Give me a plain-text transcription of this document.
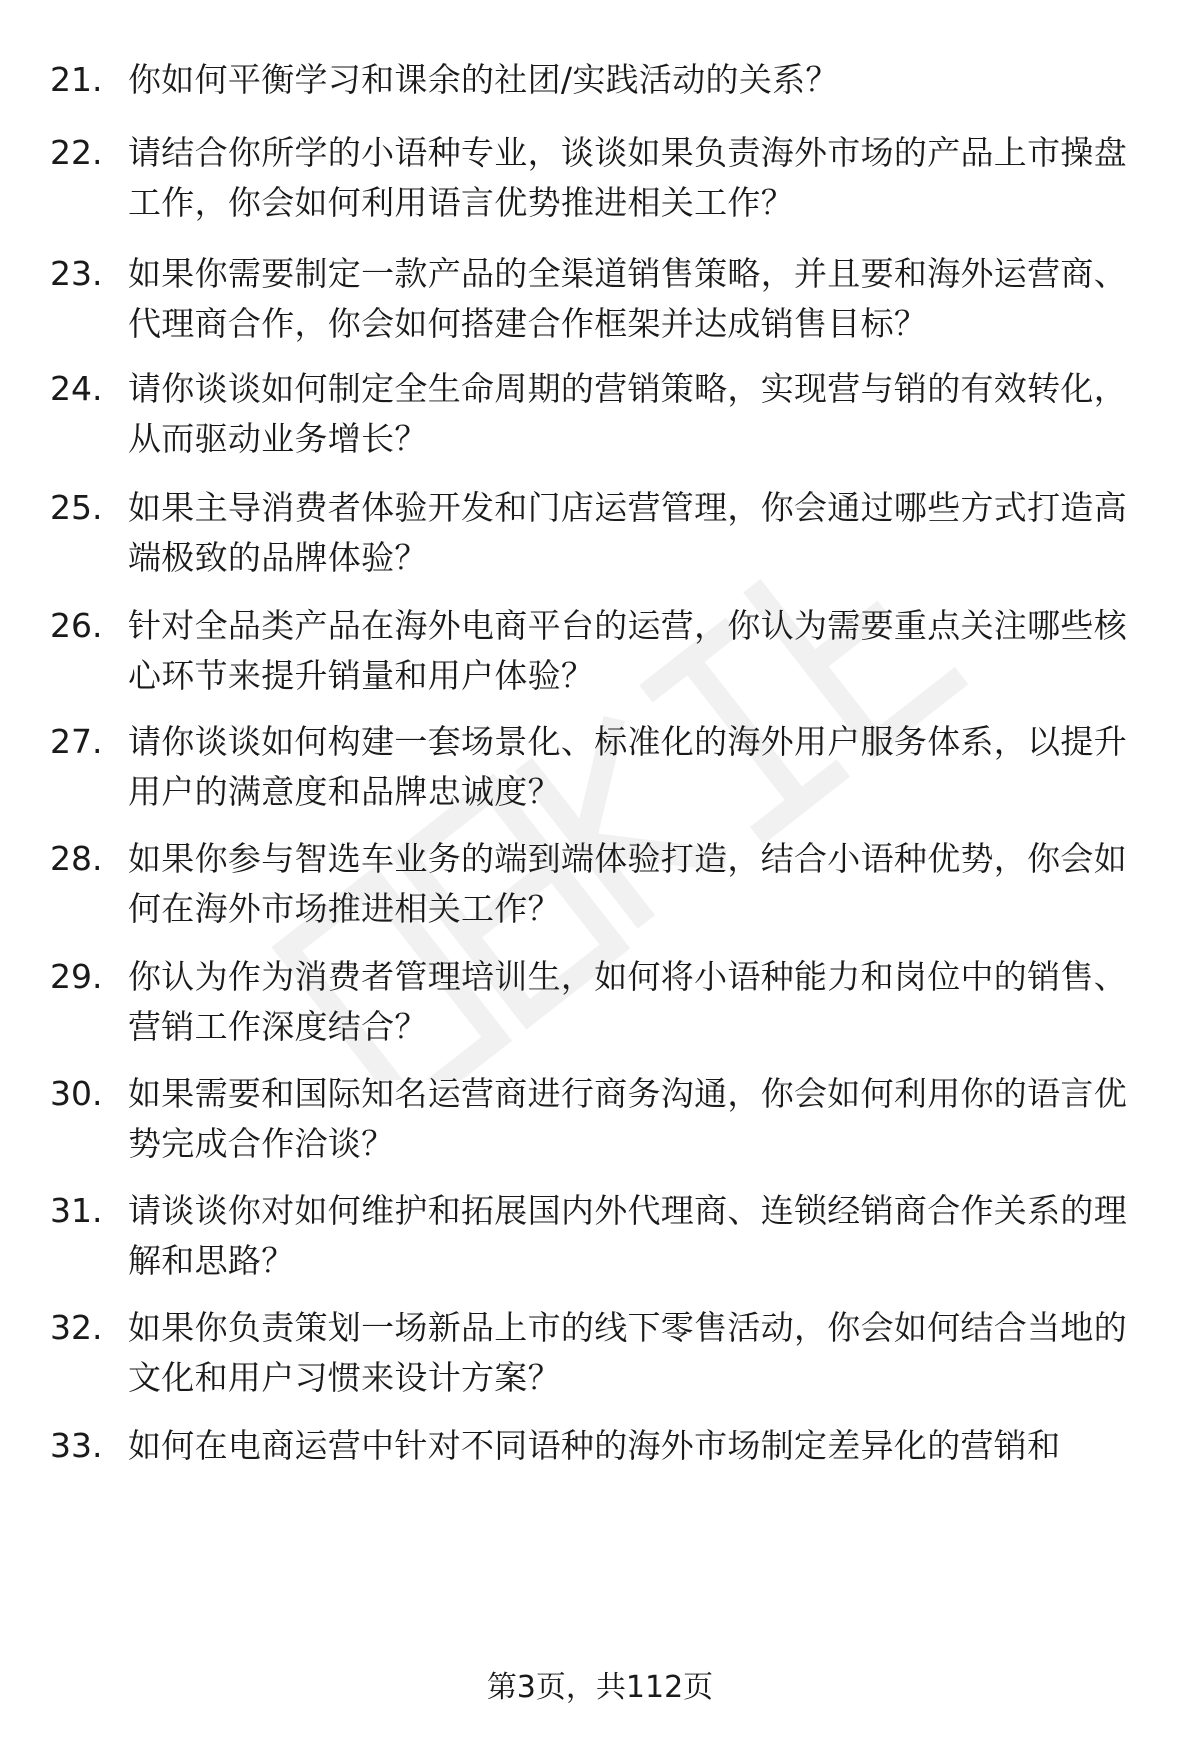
21. 你如何平衡学习和课余的社团/实践活动的关系？
22. 请结合你所学的小语种专业，谈谈如果负责海外市场的产品上市操盘工作，你会如何利用语言优势推进相关工作？
23. 如果你需要制定一款产品的全渠道销售策略，并且要和海外运营商、代理商合作，你会如何搭建合作框架并达成销售目标？
24. 请你谈谈如何制定全生命周期的营销策略，实现营与销的有效转化，从而驱动业务增长？
25. 如果主导消费者体验开发和门店运营管理，你会通过哪些方式打造高端极致的品牌体验？
26. 针对全品类产品在海外电商平台的运营，你认为需要重点关注哪些核心环节来提升销量和用户体验？
27. 请你谈谈如何构建一套场景化、标准化的海外用户服务体系，以提升用户的满意度和品牌忠诚度？
28. 如果你参与智选车业务的端到端体验打造，结合小语种优势，你会如何在海外市场推进相关工作？
29. 你认为作为消费者管理培训生，如何将小语种能力和岗位中的销售、营销工作深度结合？
30. 如果需要和国际知名运营商进行商务沟通，你会如何利用你的语言优势完成合作洽谈？
31. 请谈谈你对如何维护和拓展国内外代理商、连锁经销商合作关系的理解和思路？
32. 如果你负责策划一场新品上市的线下零售活动，你会如何结合当地的文化和用户习惯来设计方案？
33. 如何在电商运营中针对不同语种的海外市场制定差异化的营销和
第3页，共112页
